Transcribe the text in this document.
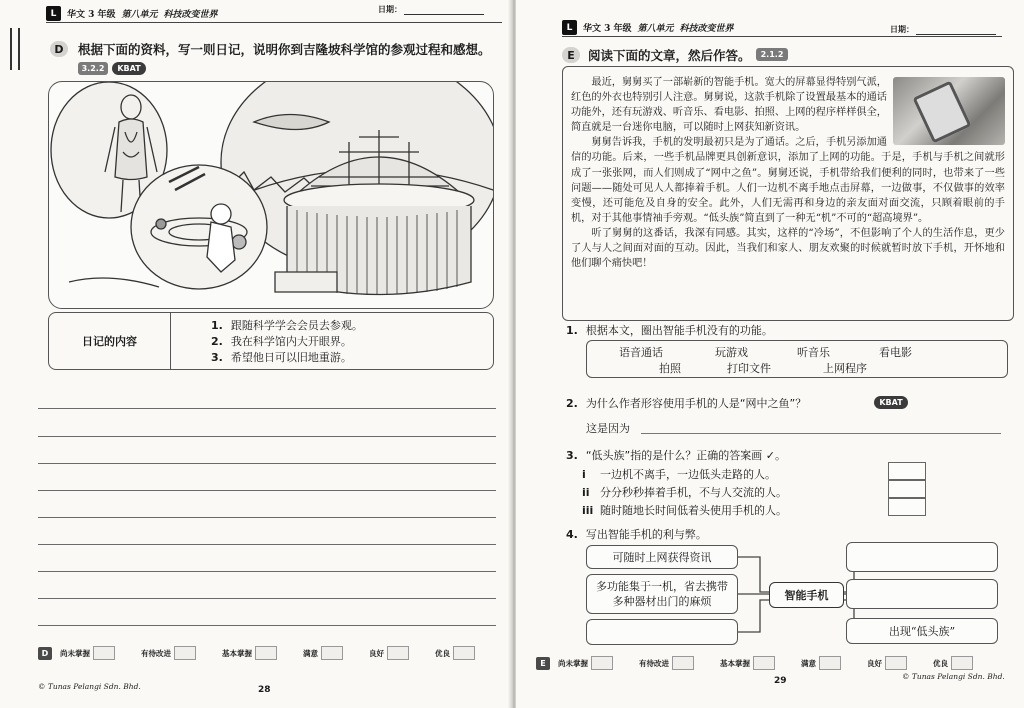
L	华文 3 年级 第八单元 科技改变世界
日期：
D	根据下面的资料，写一则日记，说明你到吉隆坡科学馆的参观过程和感想。
3.2.2	KBAT
日记的内容
1. 跟随科学学会会员去参观。
2. 我在科学馆内大开眼界。
3. 希望他日可以旧地重游。
D	尚未掌握	有待改进	基本掌握	满意	良好	优良
© Tunas Pelangi Sdn. Bhd.	28
L	华文 3 年级 第八单元 科技改变世界	日期：
E	阅读下面的文章，然后作答。	2.1.2

最近，舅舅买了一部崭新的智能手机。宽大的屏幕显得特别气派，红色的外衣也特别引人注意。舅舅说，这款手机除了设置最基本的通话功能外，还有玩游戏、听音乐、看电影、拍照、上网的程序样样俱全，简直就是一台迷你电脑，可以随时上网获知新资讯。

舅舅告诉我，手机的发明最初只是为了通话。之后，手机另添加通信的功能。后来，一些手机品牌更具创新意识，添加了上网的功能。于是，手机与手机之间就形成了一张张网，而人们则成了“网中之鱼”。舅舅还说，手机带给我们便利的同时，也带来了一些问题——随处可见人人都捧着手机。人们一边机不离手地点击屏幕，一边做事，不仅做事的效率变慢，还可能危及自身的安全。此外，人们无需再和身边的亲友面对面交流，只顾着眼前的手机，对于其他事情袖手旁观。“低头族”简直到了一种无“机”不可的“超高境界”。

听了舅舅的这番话，我深有同感。其实，这样的“冷场”，不但影响了个人的生活作息，更少了人与人之间面对面的互动。因此，当我们和家人、朋友欢聚的时候就暂时放下手机，开怀地和他们聊个痛快吧！

1. 根据本文，圈出智能手机没有的功能。
语音通话	玩游戏	听音乐	看电影
拍照	打印文件	上网程序
2. 为什么作者形容使用手机的人是“网中之鱼”？	KBAT
这是因为
3. “低头族”指的是什么？正确的答案画 ✓。
i 一边机不离手，一边低头走路的人。
ii 分分秒秒捧着手机，不与人交流的人。
iii 随时随地长时间低着头使用手机的人。
4. 写出智能手机的利与弊。
可随时上网获得资讯
多功能集于一机，省去携带多种器材出门的麻烦	智能手机
出现“低头族”
E	尚未掌握	有待改进	基本掌握	满意	良好	优良
29	© Tunas Pelangi Sdn. Bhd.
